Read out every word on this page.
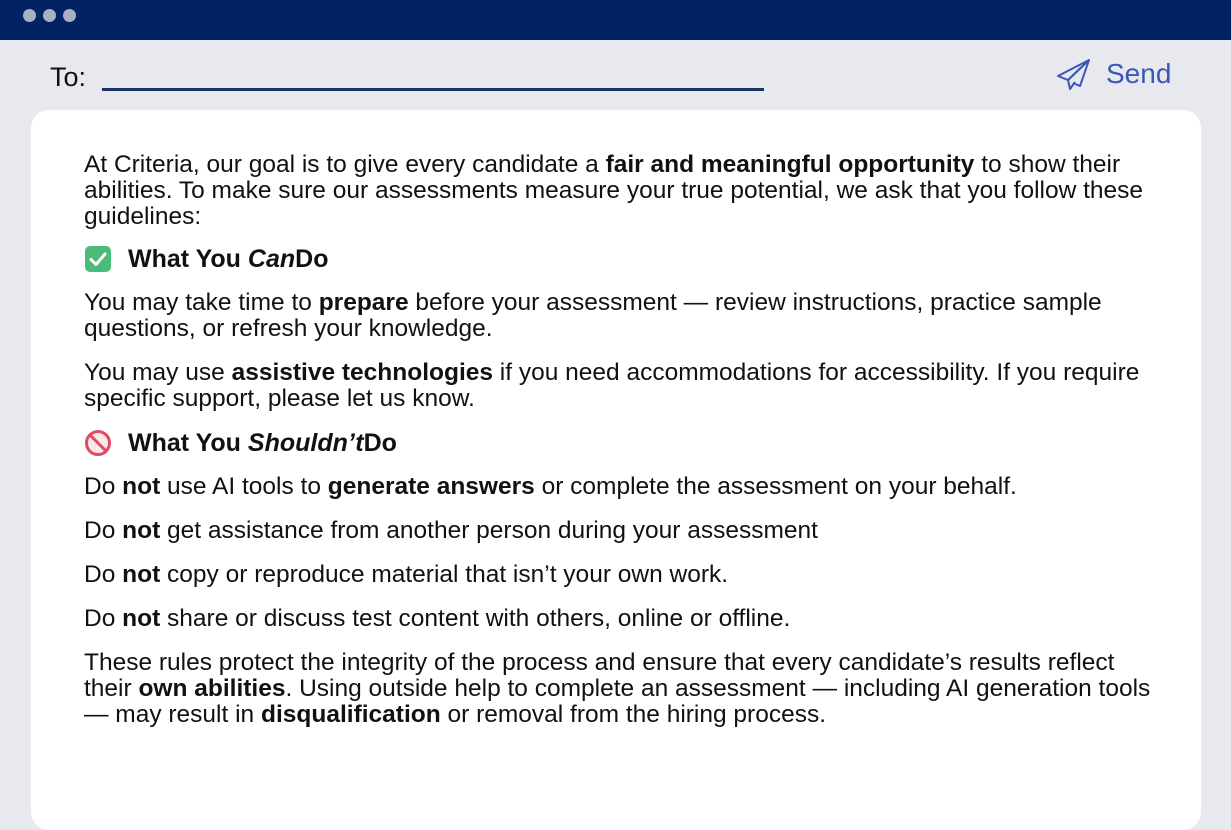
To:	Send

At Criteria, our goal is to give every candidate a fair and meaningful opportunity to show their abilities. To make sure our assessments measure your true potential, we ask that you follow these guidelines:

What You
Can Do

You may take time to prepare before your assessment — review instructions, practice sample questions, or refresh your knowledge.

You may use assistive technologies if you need accommodations for accessibility. If you require specific support, please let us know.

What You
Shouldn’t Do

Do not use AI tools to generate answers or complete the assessment on your behalf.

Do not get assistance from another person during your assessment

Do not copy or reproduce material that isn’t your own work.

Do not share or discuss test content with others, online or offline.

These rules protect the integrity of the process and ensure that every candidate’s results reflect their own abilities. Using outside help to complete an assessment — including AI generation tools — may result in disqualification or removal from the hiring process.
